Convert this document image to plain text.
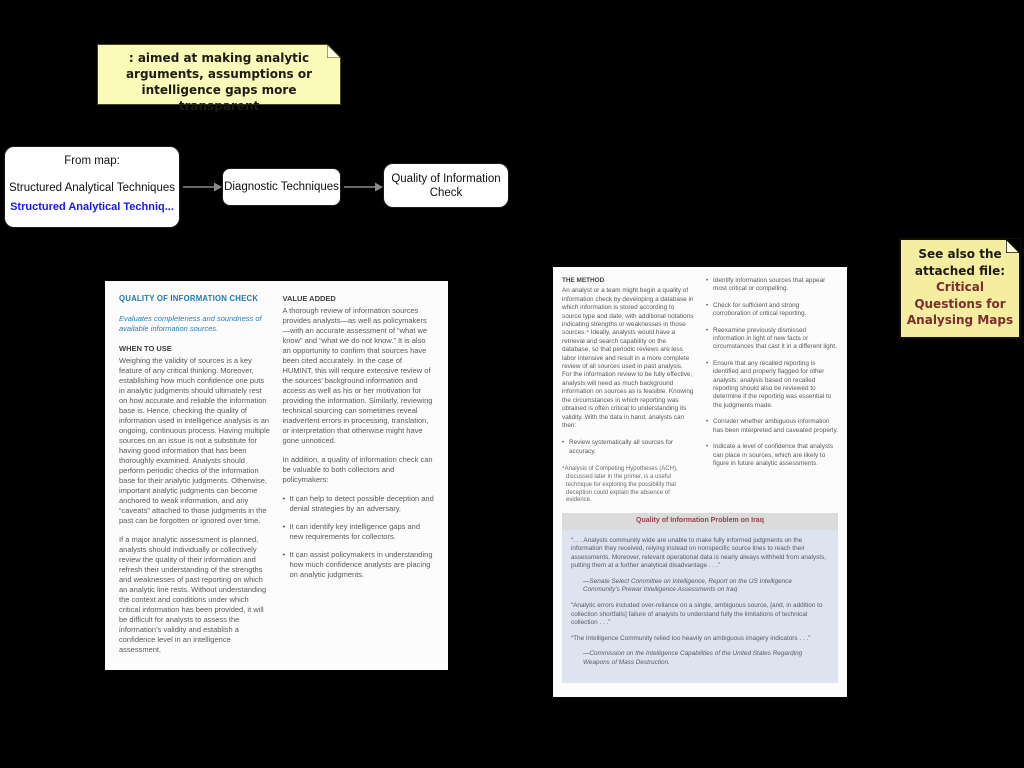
: aimed at making analytic arguments, assumptions or intelligence gaps more transparent
From map:
Structured Analytical Techniques
Structured Analytical Techniq...
Diagnostic Techniques
Quality of Information Check
QUALITY OF INFORMATION CHECK

Evaluates completeness and soundness of available information sources.

WHEN TO USE

Weighing the validity of sources is a key feature of any critical thinking. Moreover, establishing how much confidence one puts in analytic judgments should ultimately rest on how accurate and reliable the information base is. Hence, checking the quality of information used in intelligence analysis is an ongoing, continuous process. Having multiple sources on an issue is not a substitute for having good information that has been thoroughly examined. Analysts should perform periodic checks of the information base for their analytic judgments. Otherwise, important analytic judgments can become anchored to weak information, and any “caveats” attached to those judgments in the past can be forgotten or ignored over time.

If a major analytic assessment is planned, analysts should individually or collectively review the quality of their information and refresh their understanding of the strengths and weaknesses of past reporting on which an analytic line rests. Without understanding the context and conditions under which critical information has been provided, it will be difficult for analysts to assess the information’s validity and establish a confidence level in an intelligence assessment.

VALUE ADDED

A thorough review of information sources provides analysts—as well as policymakers—with an accurate assessment of “what we know” and “what we do not know.” It is also an opportunity to confirm that sources have been cited accurately. In the case of HUMINT, this will require extensive review of the sources’ background information and access as well as his or her motivation for providing the information. Similarly, reviewing technical sourcing can sometimes reveal inadvertent errors in processing, translation, or interpretation that otherwise might have gone unnoticed.

In addition, a quality of information check can be valuable to both collectors and policymakers:

• It can help to detect possible deception and denial strategies by an adversary.
• It can identify key intelligence gaps and new requirements for collectors.
• It can assist policymakers in understanding how much confidence analysts are placing on analytic judgments.
THE METHOD

An analyst or a team might begin a quality of information check by developing a database in which information is stored according to source type and date, with additional notations indicating strengths or weaknesses in those sources.⁴ Ideally, analysts would have a retrieval and search capability on the database, so that periodic reviews are less labor intensive and result in a more complete review of all sources used in past analysis. For the information review to be fully effective, analysts will need as much background information on sources as is feasible. Knowing the circumstances in which reporting was obtained is often critical to understanding its validity. With the data in hand, analysts can then:

• Review systematically all sources for accuracy.
⁴Analysis of Competing Hypotheses (ACH), discussed later in the primer, is a useful technique for exploring the possibility that deception could explain the absence of evidence.
• Identify information sources that appear most critical or compelling.
• Check for sufficient and strong corroboration of critical reporting.
• Reexamine previously dismissed information in light of new facts or circumstances that cast it in a different light.
• Ensure that any recalled reporting is identified and properly flagged for other analysts; analysis based on recalled reporting should also be reviewed to determine if the reporting was essential to the judgments made.
• Consider whether ambiguous information has been interpreted and caveated properly.
• Indicate a level of confidence that analysts can place in sources, which are likely to figure in future analytic assessments.
Quality of Information Problem on Iraq

“. . . Analysts community wide are unable to make fully informed judgments on the information they received, relying instead on nonspecific source lines to reach their assessments. Moreover, relevant operational data is nearly always withheld from analysts, putting them at a further analytical disadvantage . . .”

—Senate Select Committee on Intelligence, Report on the US Intelligence Community’s Prewar Intelligence Assessments on Iraq

“Analytic errors included over-reliance on a single, ambiguous source, [and, in addition to collection shortfalls] failure of analysts to understand fully the limitations of technical collection . . .”

“The Intelligence Community relied too heavily on ambiguous imagery indicators . . .”

—Commission on the Intelligence Capabilities of the United States Regarding Weapons of Mass Destruction.

See also the attached file: Critical Questions for Analysing Maps
